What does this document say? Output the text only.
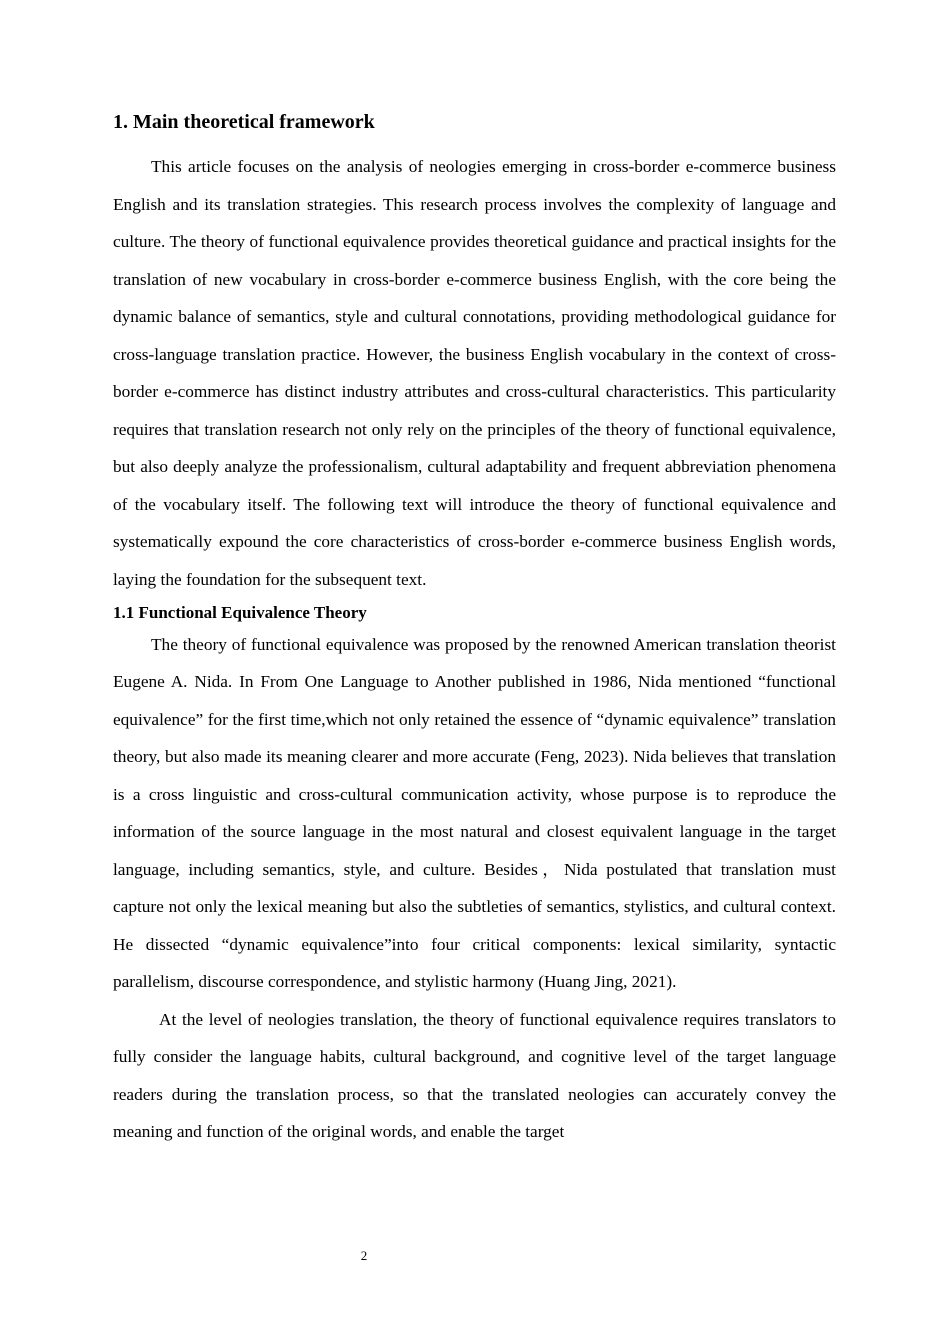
1. Main theoretical framework

This article focuses on the analysis of neologies emerging in cross-border e-commerce business English and its translation strategies. This research process involves the complexity of language and culture. The theory of functional equivalence provides theoretical guidance and practical insights for the translation of new vocabulary in cross-border e-commerce business English, with the core being the dynamic balance of semantics, style and cultural connotations, providing methodological guidance for cross-language translation practice. However, the business English vocabulary in the context of cross-border e-commerce has distinct industry attributes and cross-cultural characteristics. This particularity requires that translation research not only rely on the principles of the theory of functional equivalence, but also deeply analyze the professionalism, cultural adaptability and frequent abbreviation phenomena of the vocabulary itself. The following text will introduce the theory of functional equivalence and systematically expound the core characteristics of cross-border e-commerce business English words, laying the foundation for the subsequent text.

1.1 Functional Equivalence Theory

The theory of functional equivalence was proposed by the renowned American translation theorist Eugene A. Nida. In From One Language to Another published in 1986, Nida mentioned “functional equivalence” for the first time,which not only retained the essence of “dynamic equivalence” translation theory, but also made its meaning clearer and more accurate (Feng, 2023). Nida believes that translation is a cross linguistic and cross-cultural communication activity, whose purpose is to reproduce the information of the source language in the most natural and closest equivalent language in the target language, including semantics, style, and culture. Besides，Nida postulated that translation must capture not only the lexical meaning but also the subtleties of semantics, stylistics, and cultural context. He dissected “dynamic equivalence”into four critical components: lexical similarity, syntactic parallelism, discourse correspondence, and stylistic harmony (Huang Jing, 2021).

At the level of neologies translation, the theory of functional equivalence requires translators to fully consider the language habits, cultural background, and cognitive level of the target language readers during the translation process, so that the translated neologies can accurately convey the meaning and function of the original words, and enable the target

2
